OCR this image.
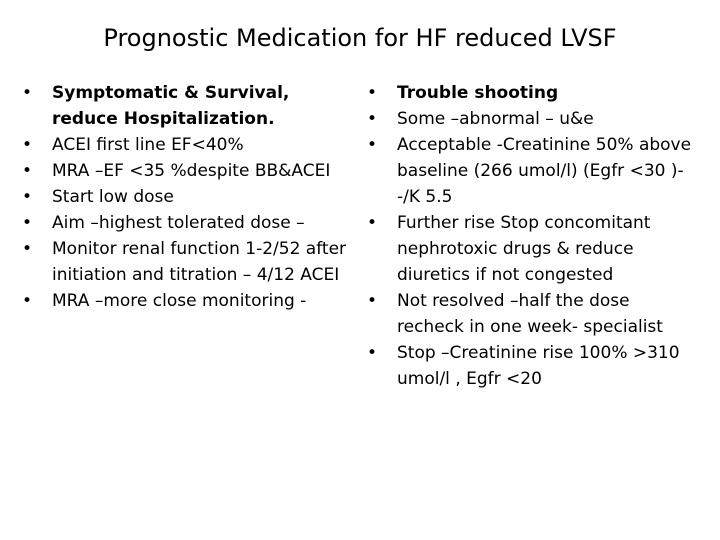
Prognostic Medication for HF reduced LVSF
• Symptomatic & Survival, reduce Hospitalization.
• ACEI first line EF<40%
• MRA –EF <35 %despite BB&ACEI
• Start low dose
• Aim –highest tolerated dose –
• Monitor renal function 1-2/52 after initiation and titration – 4/12 ACEI
• MRA –more close monitoring -
• Trouble shooting
• Some –abnormal – u&e
• Acceptable -Creatinine 50% above baseline (266 umol/l) (Egfr <30 )--/K 5.5
• Further rise Stop concomitant nephrotoxic drugs & reduce diuretics if not congested
• Not resolved –half the dose recheck in one week- specialist
• Stop –Creatinine rise 100% >310 umol/l , Egfr <20
